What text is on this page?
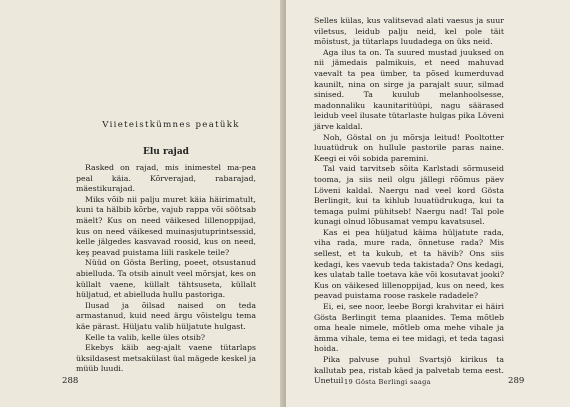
Viieteistkümnes peatükk
Elu rajad

Rasked on rajad, mis inimestel ma-pea peal käia. Kõrverajad, rabarajad, mäestikurajad.

Miks võib nii palju muret käia häirimatult, kuni ta hälbib kõrbe, vajub rappa või söötsab mäelt? Kus on need väikesed lillenoppijad, kus on need väikesed muinasjutuprintsessid, kelle jälgedes kasvavad roosid, kus on need, keş peavad puistama liili raskele teile?

Nüüd on Gösta Berling, poeet, otsustanud abielluda. Ta otsib ainult veel mõrsjat, kes on küllalt vaene, küllalt tähtsuseta, küllalt hüljatud, et abielluda hullu pastoriga.

Ilusad ja õilsad naised on teda armastanud, kuid need ärgu võistelgu tema käe pärast. Hüljatu valib hüljatute hulgast.

Kelle ta valib, kelle üles otsib?

Ekebys käib aeg-ajalt vaene tütarlaps üksildasest metsakülast üal mägede keskel ja müüb luudi.

288

Selles külas, kus valitsevad alati vaesus ja suur viletsus, leidub palju neid, kel pole täit mõistust, ja tütarlaps luudadega on üks neid.

Aga ilus ta on. Ta suured mustad juuksed on nii jämedais palmikuis, et need mahuvad vaevalt ta pea ümber, ta põsed kumerduvad kaunilt, nina on sirge ja parajalt suur, silmad sinised. Ta kuulub melanhoolsesse, madonnaliku kaunitaritüüpi, nagu säärased leidub veel ilusate tütarlaste hulgas pika Löveni järve kaldal.

Noh, Göstal on ju mõrsja leitud! Pooltotter luuatüdruk on hullule pastorile paras naine. Keegi ei või sobida paremini.

Tal vaid tarvitseb sõita Karlstadi sõrmuseid tooma, ja siis neil olgu jällegi rõõmus päev Löveni kaldal. Naergu nad veel kord Gösta Berlingit, kui ta kihlub luuatüdrukuga, kui ta temaga pulmi pühitseb! Naergu nad! Tal pole kunagi olnud lõbusamat vempu kavatsusel.

Kas ei pea hüljatud käima hüljatute rada, viha rada, mure rada, õnnetuse rada? Mis sellest, et ta kukub, et ta hävib? Ons siis kedagi, kes vaevub teda takistada? Ons kedagi, kes ulatab talle toetava käe või kosutavat jooki? Kus on väikesed lillenoppijad, kus on need, kes peavad puistama roose raskele radadele?

Ei, ei, see noor, leebe Borgi krahvitar ei häiri Gösta Berlingit tema plaanides. Tema mõtleb oma heale nimele, mõtleb oma mehe vihale ja ämma vihale, tema ei tee midagi, et teda tagasi hoida.

Pika palvuse puhul Svartsjö kirikus ta kallutab pea, ristab käed ja palvetab tema eest. Unetuil 19 Gösta Berlingi saaga	289
